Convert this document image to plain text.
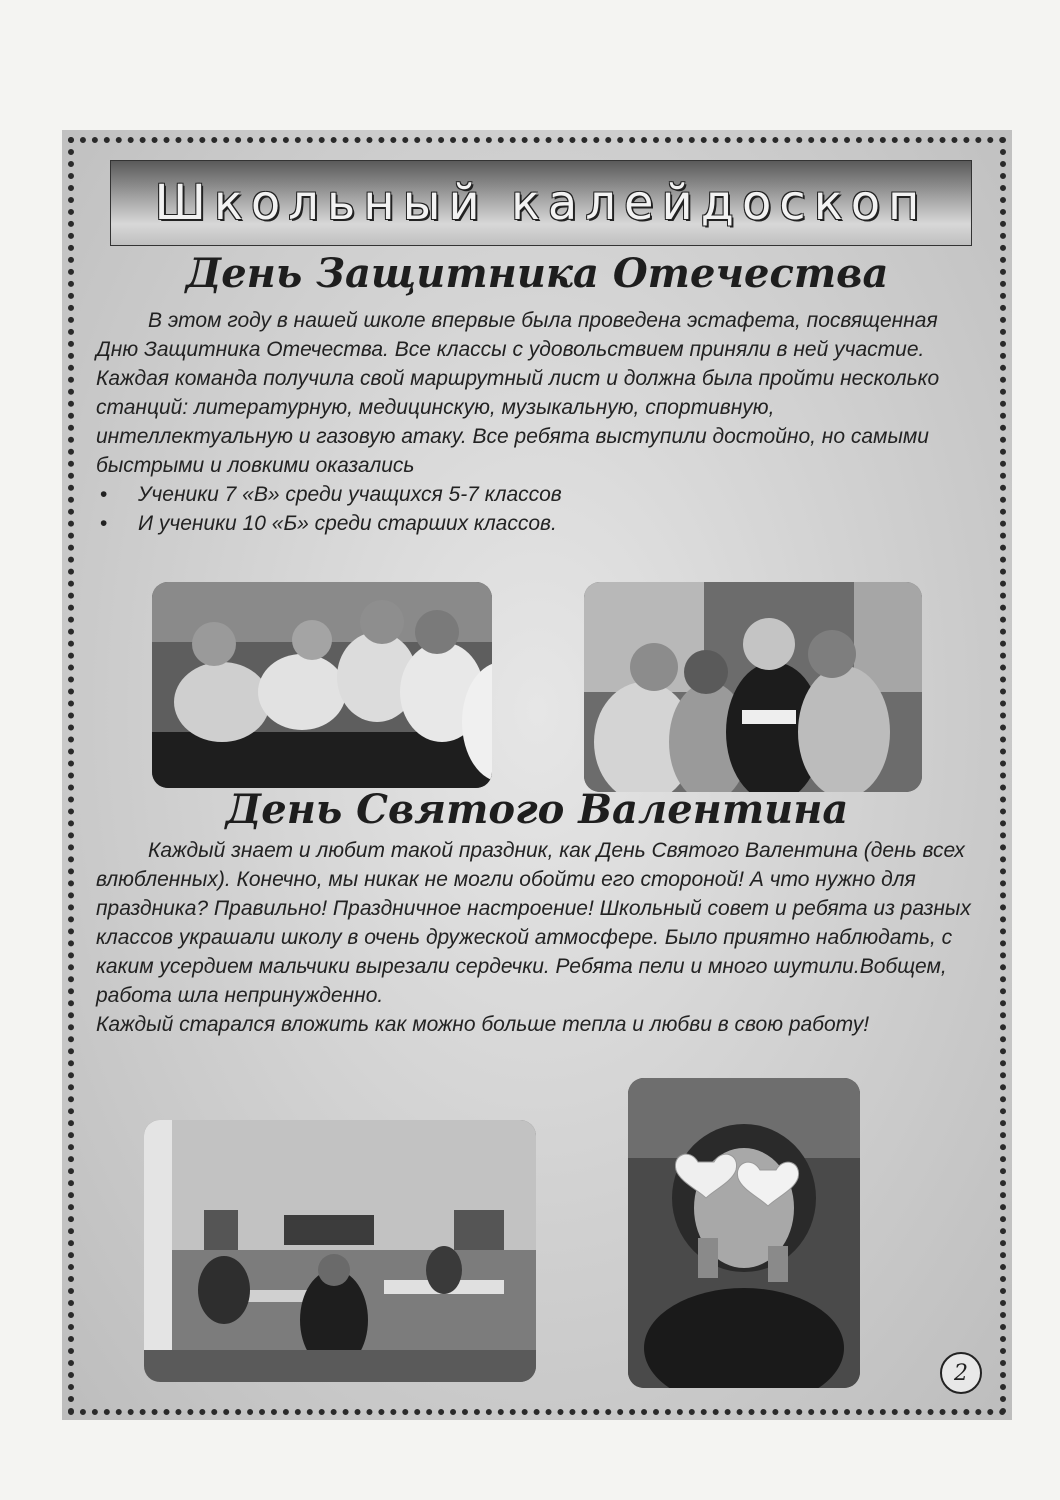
Школьный калейдоскоп
День Защитника Отечества

В этом году в нашей школе впервые была проведена эстафета, посвященная Дню Защитника Отечества. Все классы с удовольствием приняли в ней участие. Каждая команда получила свой маршрутный лист и должна была пройти несколько станций: литературную, медицинскую, музыкальную, спортивную, интеллектуальную и газовую атаку. Все ребята выступили достойно, но самыми быстрыми и ловкими оказались

• Ученики 7 «В» среди учащихся 5-7 классов
• И ученики 10 «Б» среди старших классов.
День Святого Валентина

Каждый знает и любит такой праздник, как День Святого Валентина (день всех влюбленных). Конечно, мы никак не могли обойти его стороной! А что нужно для праздника? Правильно! Праздничное настроение! Школьный совет и ребята из разных классов украшали школу в очень дружеской атмосфере. Было приятно наблюдать, с каким усердием мальчики вырезали сердечки. Ребята пели и много шутили.Вобщем, работа шла непринужденно.

Каждый старался вложить как можно больше тепла и любви в свою работу!

2
